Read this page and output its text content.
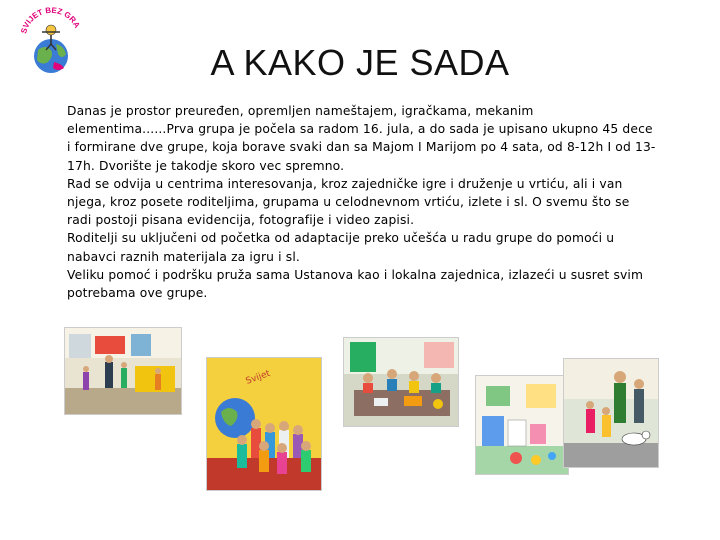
SVIJET BEZ GRA
A KAKO JE SADA

Danas je prostor preuređen, opremljen nameštajem, igračkama, mekanim elementima......Prva grupa je počela sa radom 16. jula, a do sada je upisano ukupno 45 dece i formirane dve grupe, koja borave svaki dan sa Majom I Marijom po 4 sata, od 8-12h I od 13-17h. Dvorište je takodje skoro vec spremno.

Rad se odvija u centrima interesovanja, kroz zajedničke igre i druženje u vrtiću, ali i van njega, kroz posete roditeljima, grupama u celodnevnom vrtiću, izlete i sl. O svemu što se radi postoji pisana evidencija, fotografije i video zapisi.

Roditelji su uključeni od početka od adaptacije preko učešća u radu grupe do pomoći u nabavci raznih materijala za igru i sl.

Veliku pomoć i podršku pruža sama Ustanova kao i lokalna zajednica, izlazeći u susret svim potrebama ove grupe.

Svijet
